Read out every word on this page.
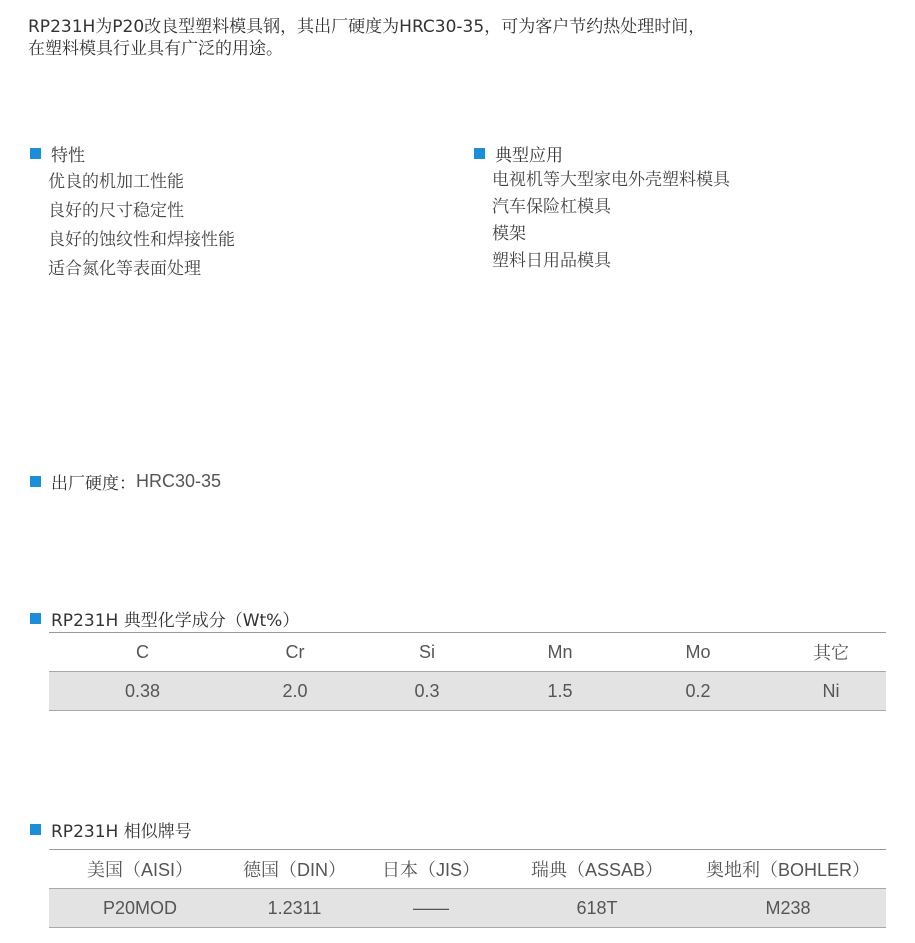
RP231H为P20改良型塑料模具钢，其出厂硬度为HRC30-35，可为客户节约热处理时间，
在塑料模具行业具有广泛的用途。
特性
优良的机加工性能
良好的尺寸稳定性
良好的蚀纹性和焊接性能
适合氮化等表面处理
典型应用
电视机等大型家电外壳塑料模具
汽车保险杠模具
模架
塑料日用品模具
出厂硬度： HRC30-35
RP231H 典型化学成分（Wt%）
C	Cr	Si	Mn	Mo	其它
0.38	2.0	0.3	1.5	0.2	Ni
RP231H 相似牌号
美国（AISI）	德国（DIN）	日本（JIS）	瑞典（ASSAB）	奥地利（BOHLER）
P20MOD	1.2311	——	618T	M238
